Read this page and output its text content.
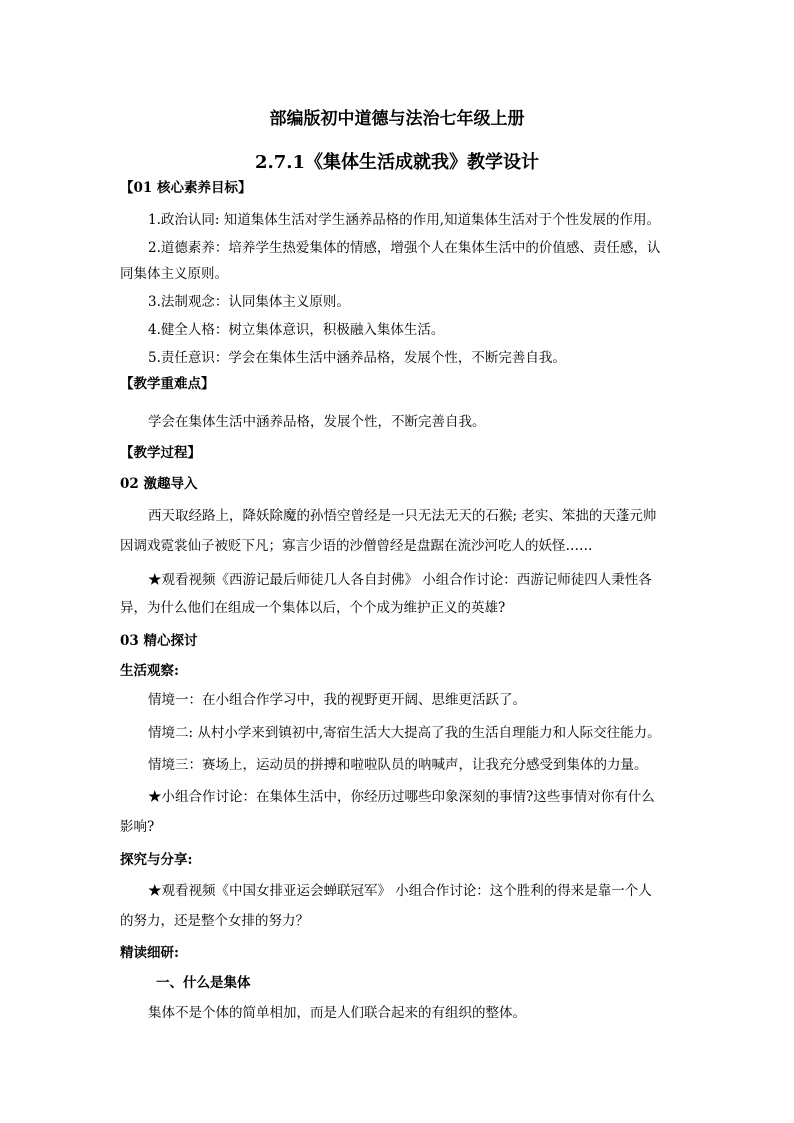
部编版初中道德与法治七年级上册
2.7.1《集体生活成就我》教学设计
【01 核心素养目标】
1.政治认同: 知道集体生活对学生涵养品格的作用,知道集体生活对于个性发展的作用。
2.道德素养：培养学生热爱集体的情感，增强个人在集体生活中的价值感、责任感，认
同集体主义原则。
3.法制观念：认同集体主义原则。
4.健全人格：树立集体意识，积极融入集体生活。
5.责任意识：学会在集体生活中涵养品格，发展个性，不断完善自我。
【教学重难点】
学会在集体生活中涵养品格，发展个性，不断完善自我。
【教学过程】
02 激趣导入
西天取经路上，降妖除魔的孙悟空曾经是一只无法无天的石猴; 老实、笨拙的天蓬元帅
因调戏霓裳仙子被贬下凡；寡言少语的沙僧曾经是盘踞在流沙河吃人的妖怪……
★观看视频《西游记最后师徒几人各自封佛》 小组合作讨论：西游记师徒四人秉性各
异，为什么他们在组成一个集体以后，个个成为维护正义的英雄?
03 精心探讨
生活观察:
情境一：在小组合作学习中，我的视野更开阔、思维更活跃了。
情境二: 从村小学来到镇初中,寄宿生活大大提高了我的生活自理能力和人际交往能力。
情境三：赛场上，运动员的拼搏和啦啦队员的呐喊声，让我充分感受到集体的力量。
★小组合作讨论：在集体生活中，你经历过哪些印象深刻的事情?这些事情对你有什么
影响?
探究与分享:
★观看视频《中国女排亚运会蝉联冠军》 小组合作讨论：这个胜利的得来是靠一个人
的努力，还是整个女排的努力？
精读细研:
一、什么是集体
集体不是个体的简单相加，而是人们联合起来的有组织的整体。
